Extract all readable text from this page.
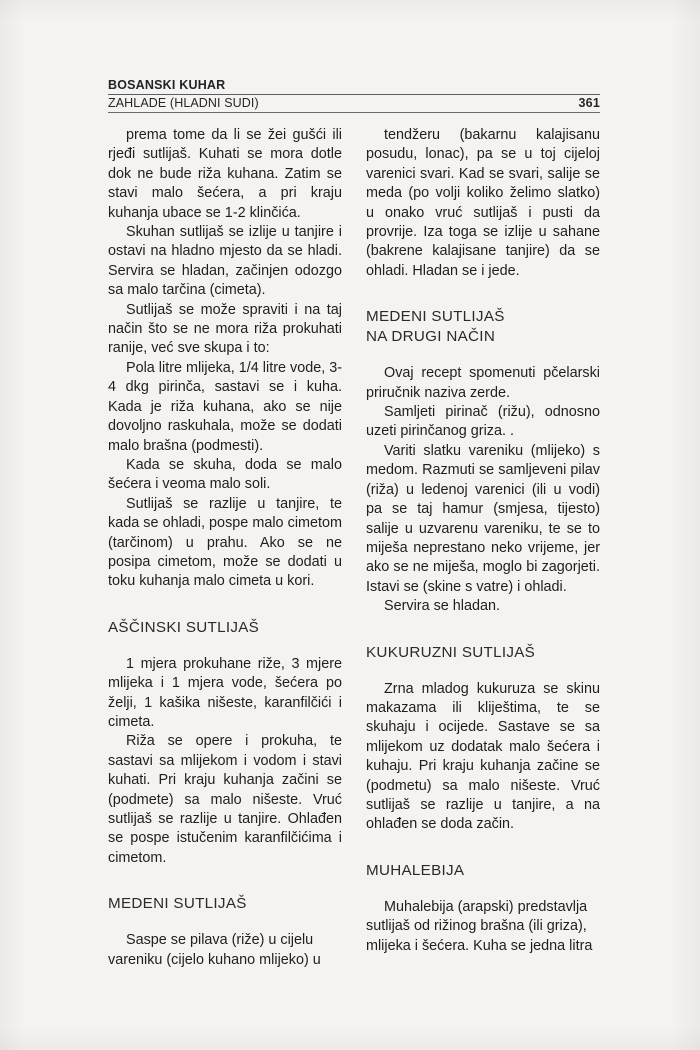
BOSANSKI KUHAR
ZAHLADE (HLADNI SUDI)	361

prema tome da li se žei gušći ili rjeđi sutlijaš. Kuhati se mora dotle dok ne bude riža kuhana. Zatim se stavi malo šećera, a pri kraju kuhanja ubace se 1-2 klinčića.

Skuhan sutlijaš se izlije u tanjire i ostavi na hladno mjesto da se hladi. Servira se hladan, začinjen odozgo sa malo tarčina (cimeta).

Sutlijaš se može spraviti i na taj način što se ne mora riža prokuhati ranije, već sve skupa i to:

Pola litre mlijeka, 1/4 litre vode, 3-4 dkg pirinča, sastavi se i kuha. Kada je riža kuhana, ako se nije dovoljno raskuhala, može se dodati malo brašna (podmesti).

Kada se skuha, doda se malo šećera i veoma malo soli.

Sutlijaš se razlije u tanjire, te kada se ohladi, pospe malo cimetom (tarčinom) u prahu. Ako se ne posipa cimetom, može se dodati u toku kuhanja malo cimeta u kori.

AŠČINSKI SUTLIJAŠ

1 mjera prokuhane riže, 3 mjere mlijeka i 1 mjera vode, šećera po želji, 1 kašika nišeste, karanfilčići i cimeta.

Riža se opere i prokuha, te sastavi sa mlijekom i vodom i stavi kuhati. Pri kraju kuhanja začini se (podmete) sa malo nišeste. Vruć sutlijaš se razlije u tanjire. Ohlađen se pospe istučenim karanfilčićima i cimetom.

MEDENI SUTLIJAŠ

Saspe se pilava (riže) u cijelu vareniku (cijelo kuhano mlijeko) u

tendžeru (bakarnu kalajisanu posudu, lonac), pa se u toj cijeloj varenici svari. Kad se svari, salije se meda (po volji koliko želimo slatko) u onako vruć sutlijaš i pusti da provrije. Iza toga se izlije u sahane (bakrene kalajisane tanjire) da se ohladi. Hladan se i jede.

MEDENI SUTLIJAŠ
NA DRUGI NAČIN

Ovaj recept spomenuti pčelarski priručnik naziva zerde.

Samljeti pirinač (rižu), odnosno uzeti pirinčanog griza. .

Variti slatku vareniku (mlijeko) s medom. Razmuti se samljeveni pilav (riža) u ledenoj varenici (ili u vodi) pa se taj hamur (smjesa, tijesto) salije u uzvarenu vareniku, te se to miješa neprestano neko vrijeme, jer ako se ne miješa, moglo bi zagorjeti. Istavi se (skine s vatre) i ohladi.

Servira se hladan.

KUKURUZNI SUTLIJAŠ

Zrna mladog kukuruza se skinu makazama ili kliještima, te se skuhaju i ocijede. Sastave se sa mlijekom uz dodatak malo šećera i kuhaju. Pri kraju kuhanja začine se (podmetu) sa malo nišeste. Vruć sutlijaš se razlije u tanjire, a na ohlađen se doda začin.

MUHALEBIJA

Muhalebija (arapski) predstavlja sutlijaš od rižinog brašna (ili griza), mlijeka i šećera. Kuha se jedna litra
